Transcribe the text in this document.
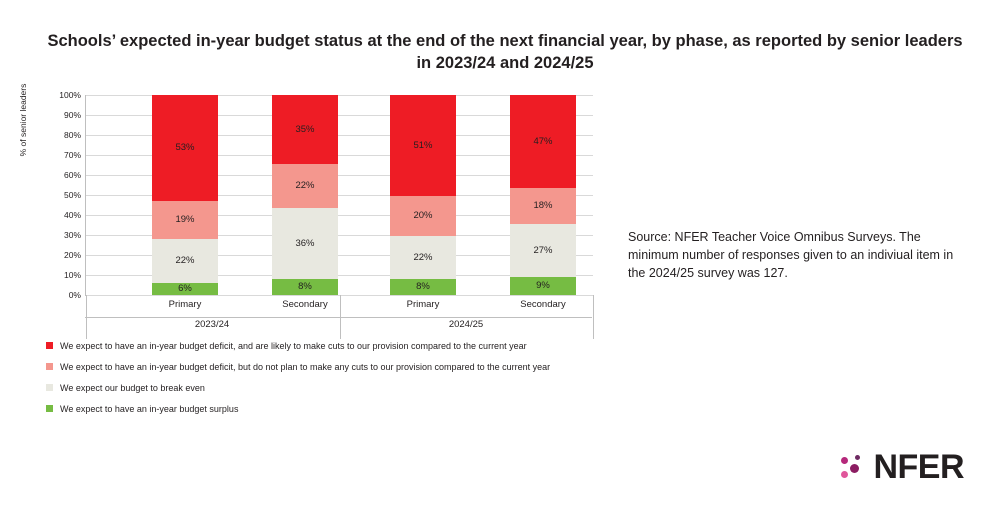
Schools’ expected in-year budget status at the end of the next financial year, by phase, as reported by senior leaders in 2023/24 and 2024/25
% of senior leaders
0%
10%
20%
30%
40%
50%
60%
70%
80%
90%
100%
53%
19%
22%
6%
Primary
35%
22%
36%
8%
Secondary
51%
20%
22%
8%
Primary
47%
18%
27%
9%
Secondary
2023/24	2024/25
We expect to have an in-year budget deficit, and are likely to make cuts to our provision compared to the current year
We expect to have an in-year budget deficit, but do not plan to make any cuts to our provision compared to the current year
We expect our budget to break even
We expect to have an in-year budget surplus
Source: NFER Teacher Voice Omnibus Surveys. The minimum number of responses given to an indiviual item in the 2024/25 survey was 127.
NFER
